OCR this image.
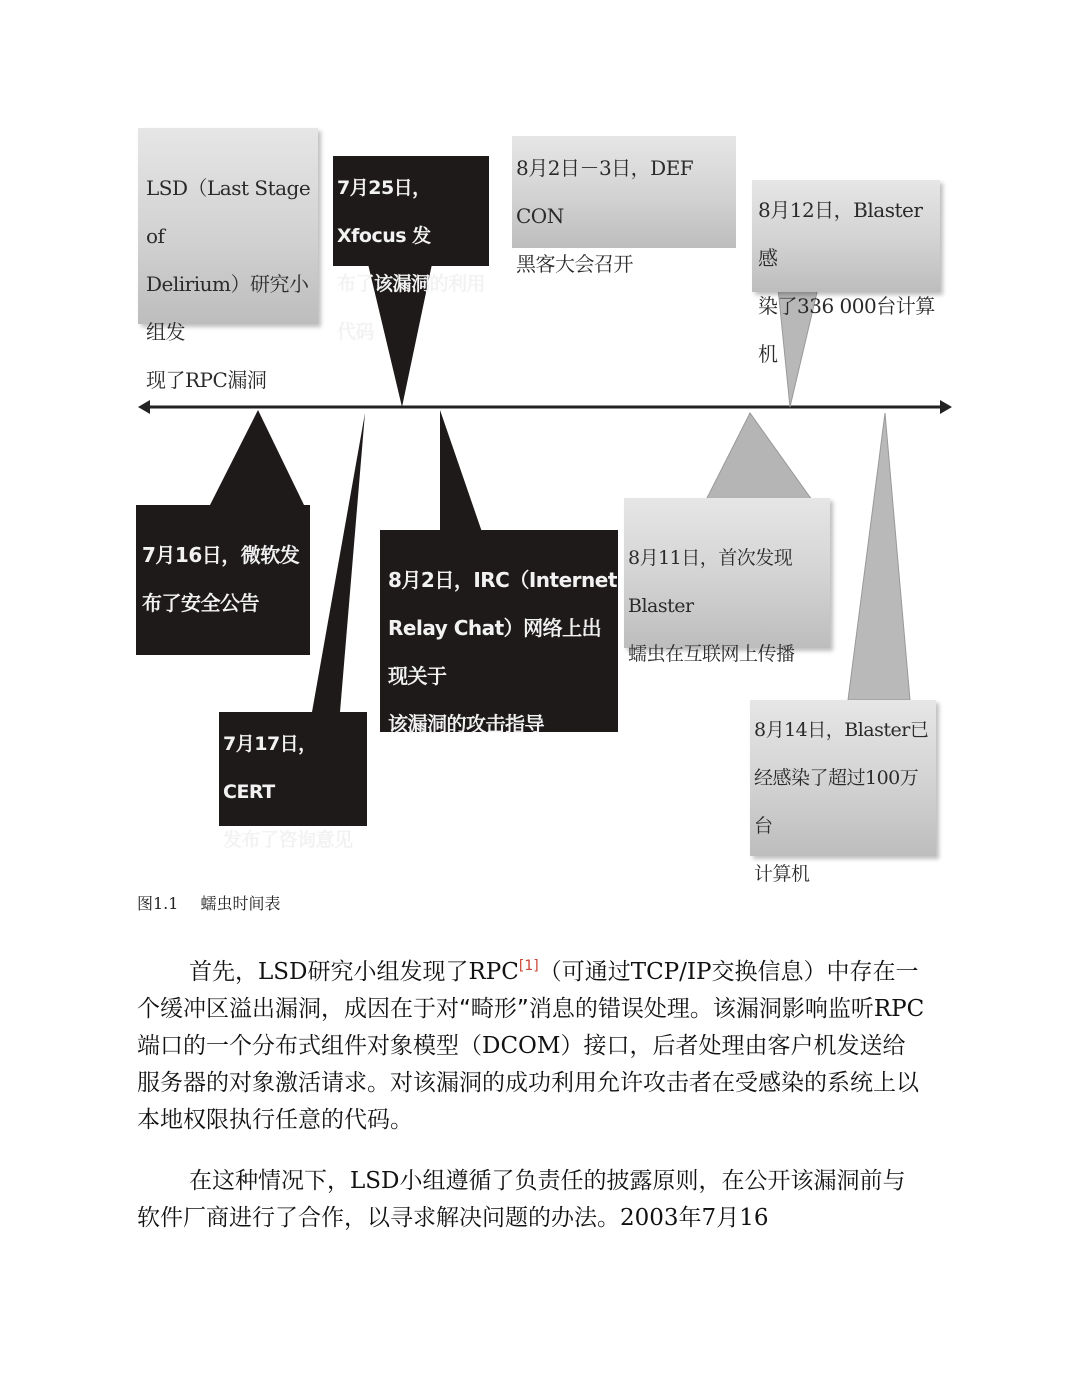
LSD（Last Stage of
Delirium）研究小组发
现了RPC漏洞
7月25日，Xfocus 发
布了该漏洞的利用代码
8月2日－3日，DEF CON
黑客大会召开
8月12日，Blaster 感
染了336 000台计算机
7月16日，微软发
布了安全公告
8月2日，IRC（Internet
Relay Chat）网络上出现关于
该漏洞的攻击指导
8月11日，首次发现Blaster
蠕虫在互联网上传播
7月17日，CERT
发布了咨询意见
8月14日，Blaster已
经感染了超过100万台
计算机
图1.1 蠕虫时间表

首先，LSD研究小组发现了RPC[1]（可通过TCP/IP交换信息）中存在一个缓冲区溢出漏洞，成因在于对“畸形”消息的错误处理。该漏洞影响监听RPC端口的一个分布式组件对象模型（DCOM）接口，后者处理由客户机发送给服务器的对象激活请求。对该漏洞的成功利用允许攻击者在受感染的系统上以本地权限执行任意的代码。

在这种情况下，LSD小组遵循了负责任的披露原则，在公开该漏洞前与软件厂商进行了合作，以寻求解决问题的办法。2003年7月16
